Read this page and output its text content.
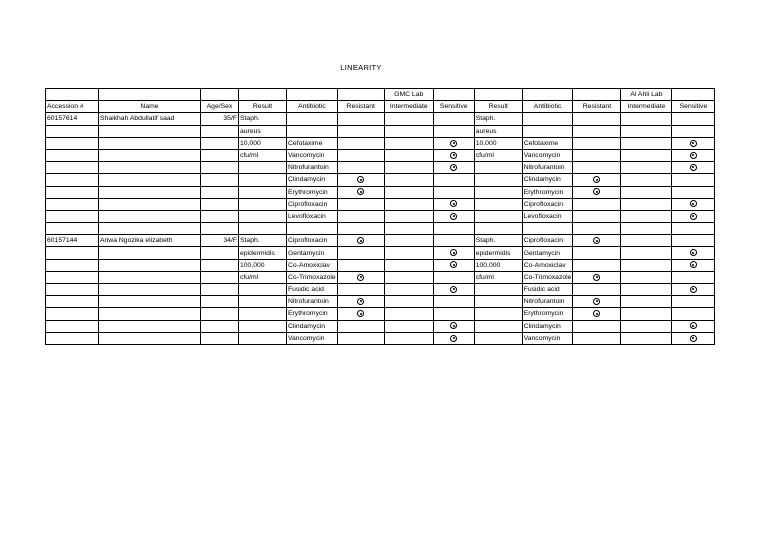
LINEARITY
						GMC Lab					Al Ahli Lab	
Accession #	Name	Age/Sex	Result	Antibiotic	Resistant	Intermediate	Sensitive	Result	Antibiotic	Resistant	Intermediate	Sensitive
60157614	Shaikhah Abdullatif saad	35/F	Staph.					Staph.				
			aureus					aureus				
			10,000	Cefotaxime				10,000	Cefotaxime			
			cfu/ml	Vancomycin				cfu/ml	Vancomycin			
				Nitrofurantoin					Nitrofurantoin			
				Clindamycin					Clindamycin			
				Erythromycin					Erythromycin			
				Ciprofloxacin					Ciprofloxacin			
				Levofloxacin					Levofloxacin			

60157144	Ariwa Ngozika elizabeth	34/F	Staph.	Ciprofloxacin				Staph.	Ciprofloxacin			
			epidermidis	Gentamycin				epidermidis	Gentamycin			
			100,000	Co-Amoxiclav				100,000	Co-Amoxiclav			
			cfu/ml	Co-Trimoxazole				cfu/ml	Co-Trimoxazole			
				Fusidic acid					Fusidic acid			
				Nitrofurantoin					Nitrofurantoin			
				Erythromycin					Erythromycin			
				Clindamycin					Clindamycin			
				Vancomycin					Vancomycin			
